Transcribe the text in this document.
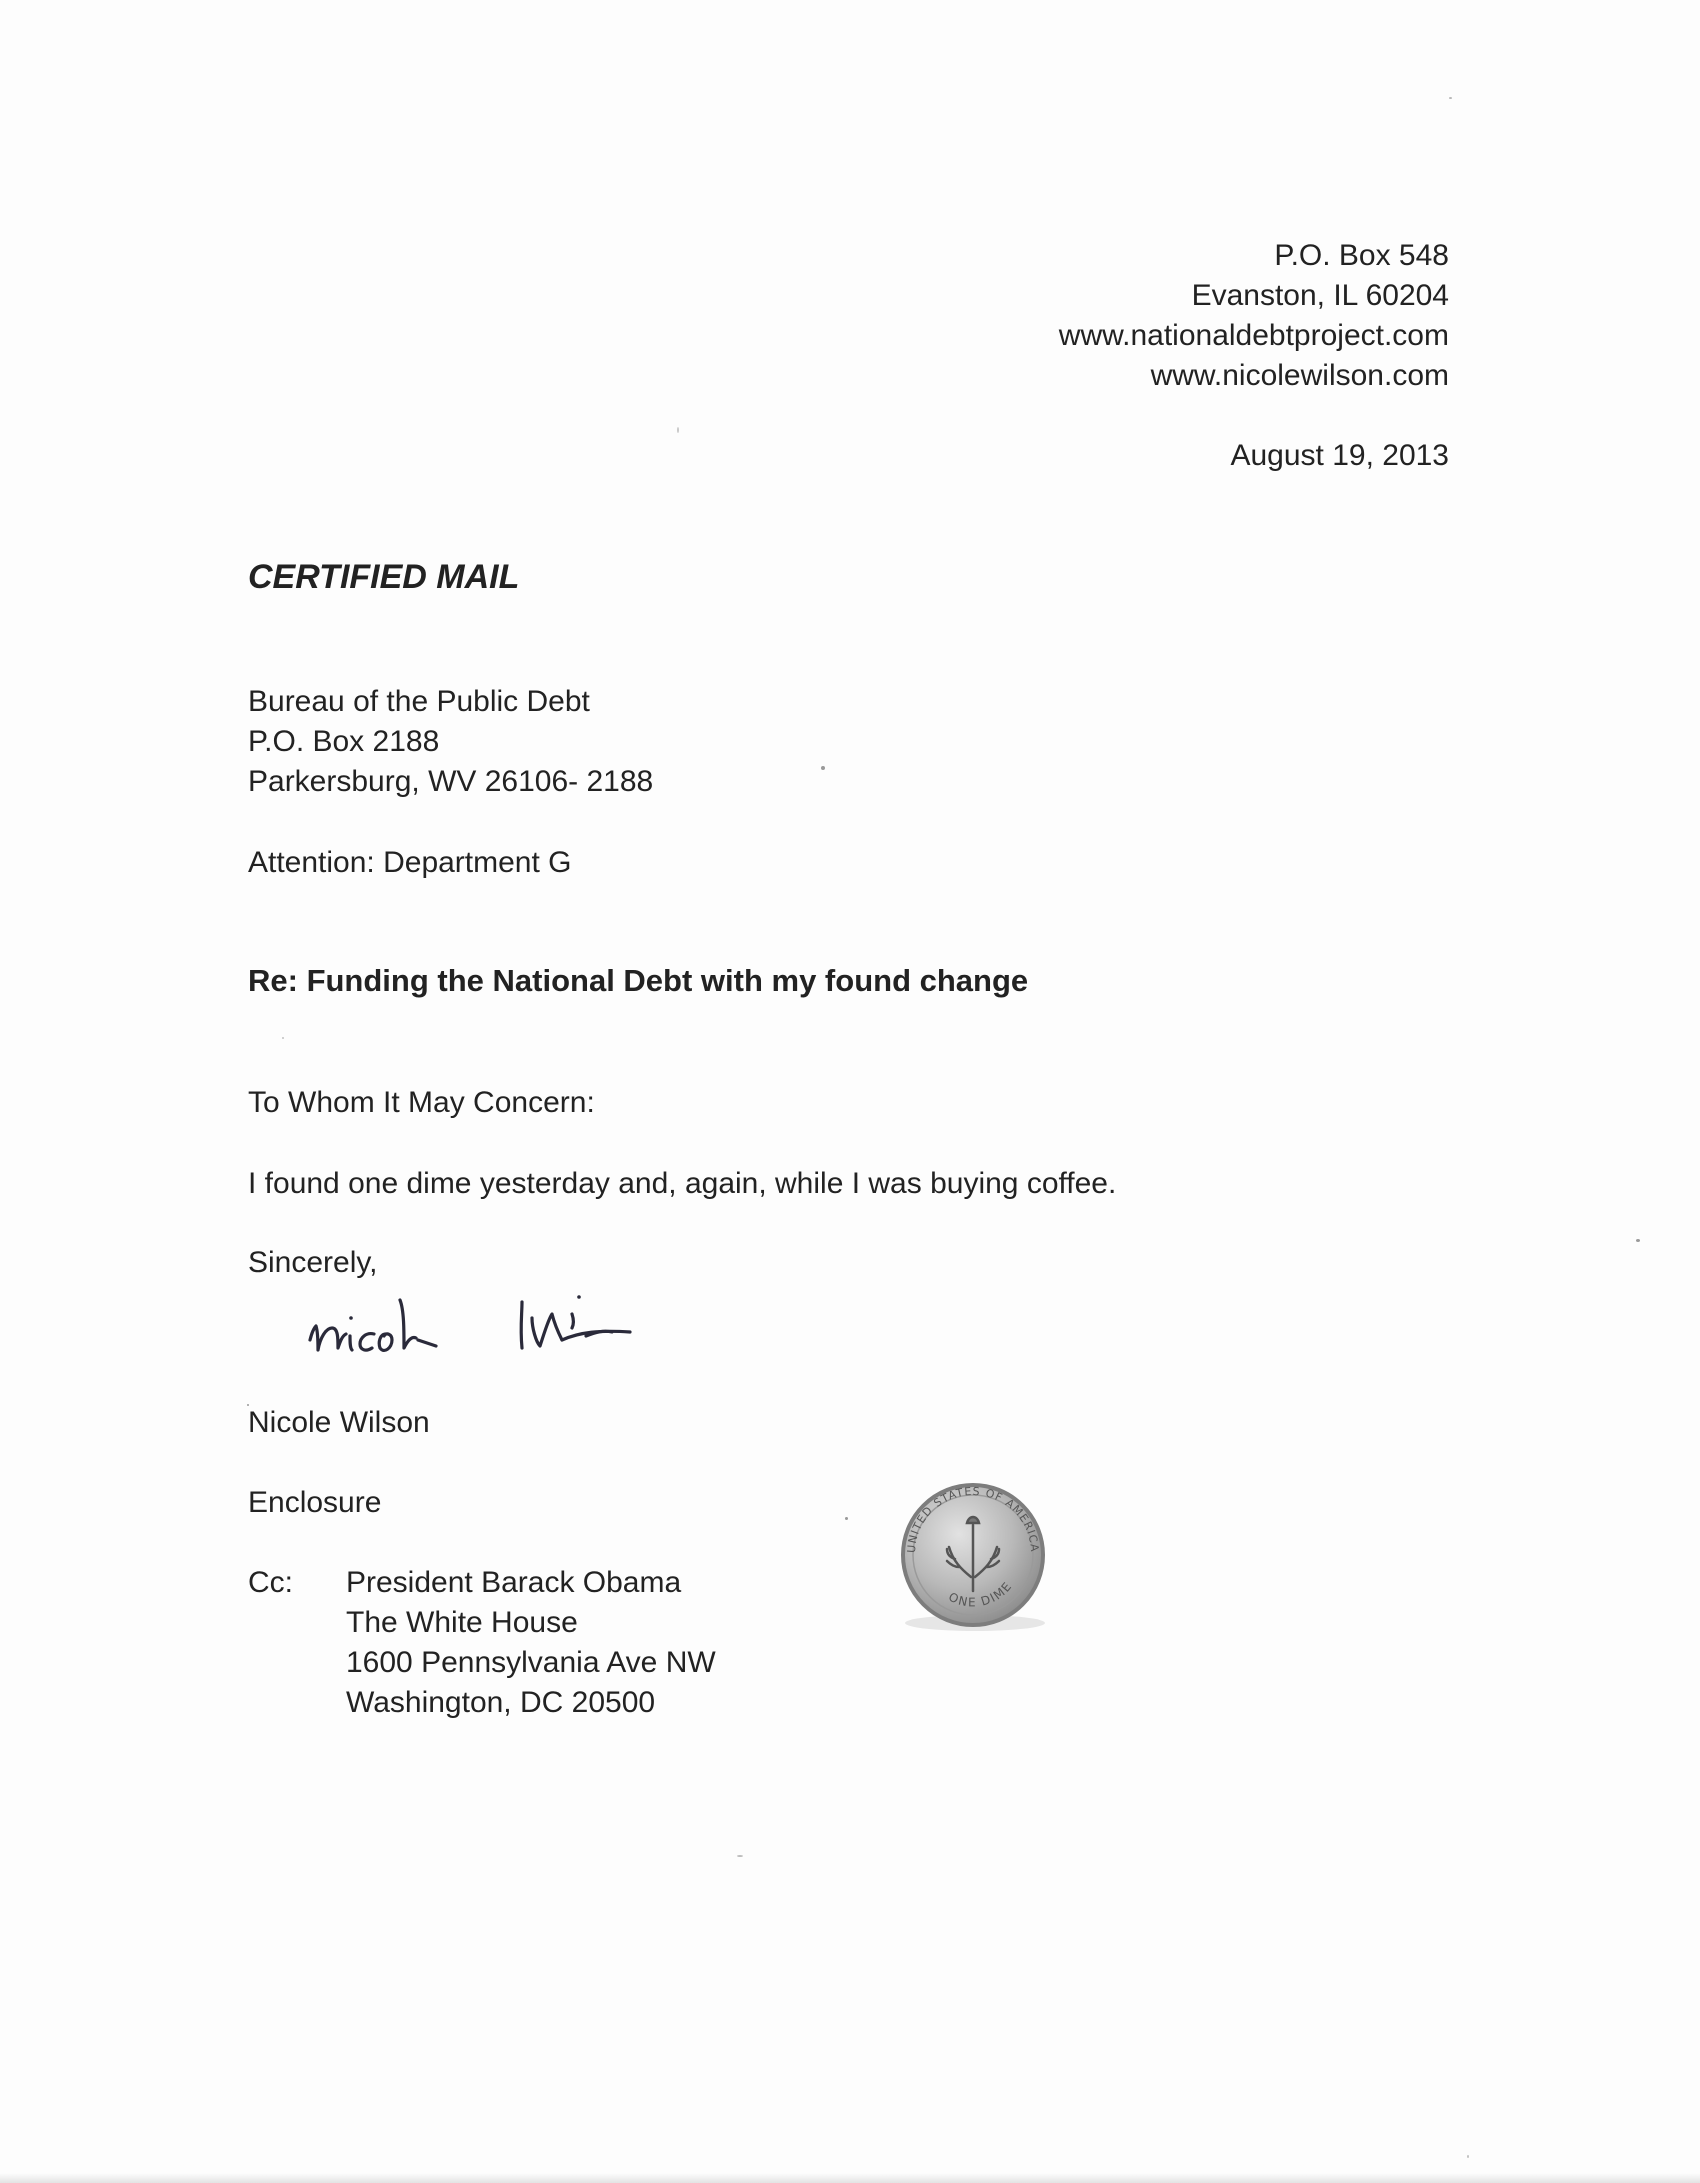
P.O. Box 548
Evanston, IL 60204
www.nationaldebtproject.com
www.nicolewilson.com
August 19, 2013
CERTIFIED MAIL
Bureau of the Public Debt
P.O. Box 2188
Parkersburg, WV 26106- 2188
Attention: Department G
Re: Funding the National Debt with my found change
To Whom It May Concern:
I found one dime yesterday and, again, while I was buying coffee.
Sincerely,
Nicole Wilson
Enclosure
Cc: President Barack Obama
The White House
1600 Pennsylvania Ave NW
Washington, DC 20500
UNITED STATES OF AMERICA
ONE DIME
